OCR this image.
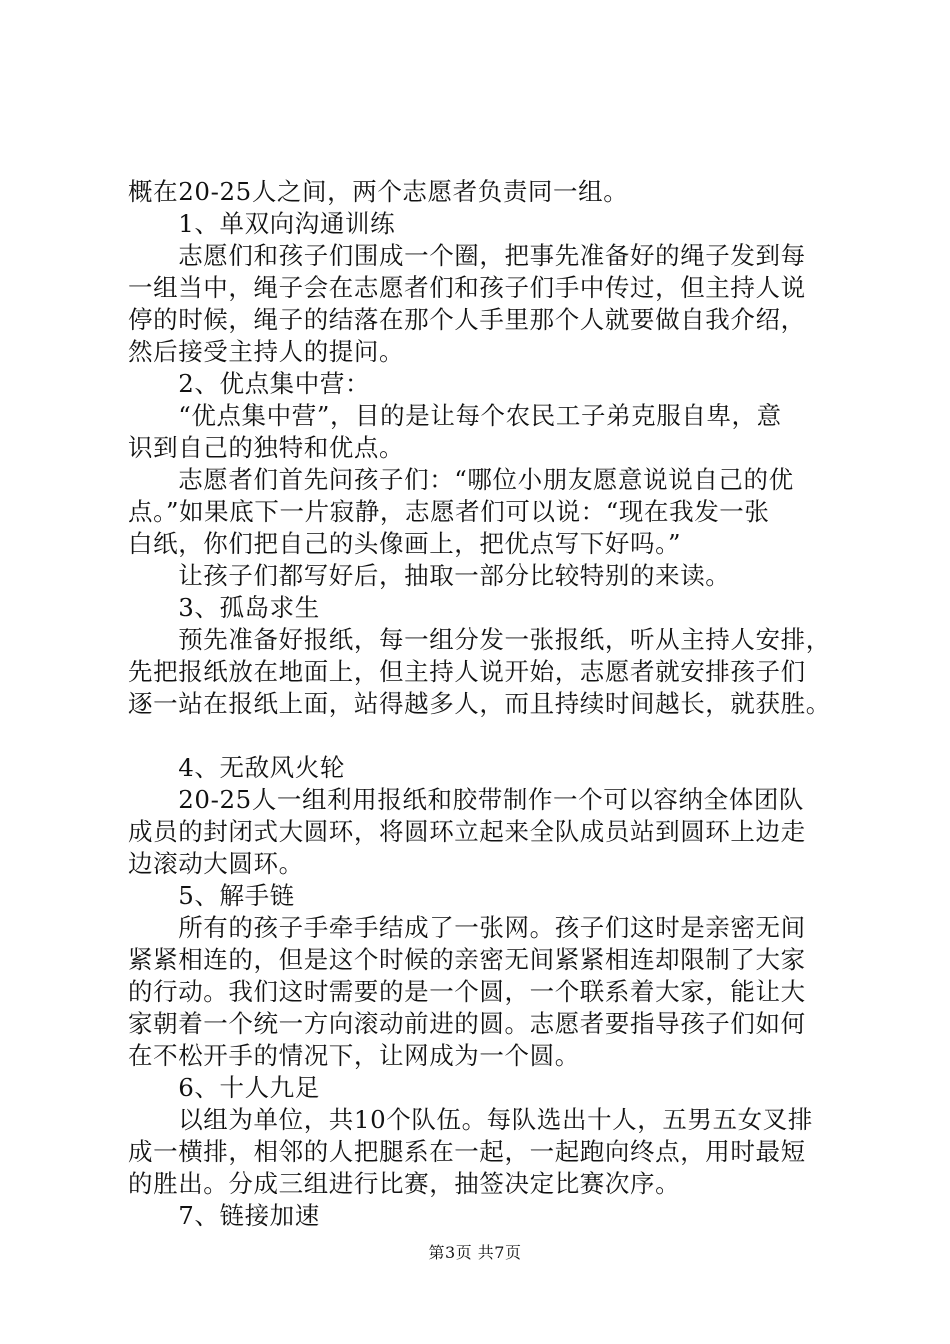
概在20-25人之间，两个志愿者负责同一组。
　　1、单双向沟通训练
　　志愿们和孩子们围成一个圈，把事先准备好的绳子发到每
一组当中，绳子会在志愿者们和孩子们手中传过，但主持人说
停的时候，绳子的结落在那个人手里那个人就要做自我介绍，
然后接受主持人的提问。
　　2、优点集中营：
　　“优点集中营”，目的是让每个农民工子弟克服自卑，意
识到自己的独特和优点。
　　志愿者们首先问孩子们：“哪位小朋友愿意说说自己的优
点。”如果底下一片寂静，志愿者们可以说：“现在我发一张
白纸，你们把自己的头像画上，把优点写下好吗。”
　　让孩子们都写好后，抽取一部分比较特别的来读。
　　3、孤岛求生
　　预先准备好报纸，每一组分发一张报纸，听从主持人安排，
先把报纸放在地面上，但主持人说开始，志愿者就安排孩子们
逐一站在报纸上面，站得越多人，而且持续时间越长，就获胜。
　　4、无敌风火轮
　　20-25人一组利用报纸和胶带制作一个可以容纳全体团队
成员的封闭式大圆环，将圆环立起来全队成员站到圆环上边走
边滚动大圆环。
　　5、解手链
　　所有的孩子手牵手结成了一张网。孩子们这时是亲密无间
紧紧相连的，但是这个时候的亲密无间紧紧相连却限制了大家
的行动。我们这时需要的是一个圆，一个联系着大家，能让大
家朝着一个统一方向滚动前进的圆。志愿者要指导孩子们如何
在不松开手的情况下，让网成为一个圆。
　　6、十人九足
　　以组为单位，共10个队伍。每队选出十人，五男五女叉排
成一横排，相邻的人把腿系在一起，一起跑向终点，用时最短
的胜出。分成三组进行比赛，抽签决定比赛次序。
　　7、链接加速
第3页 共7页
